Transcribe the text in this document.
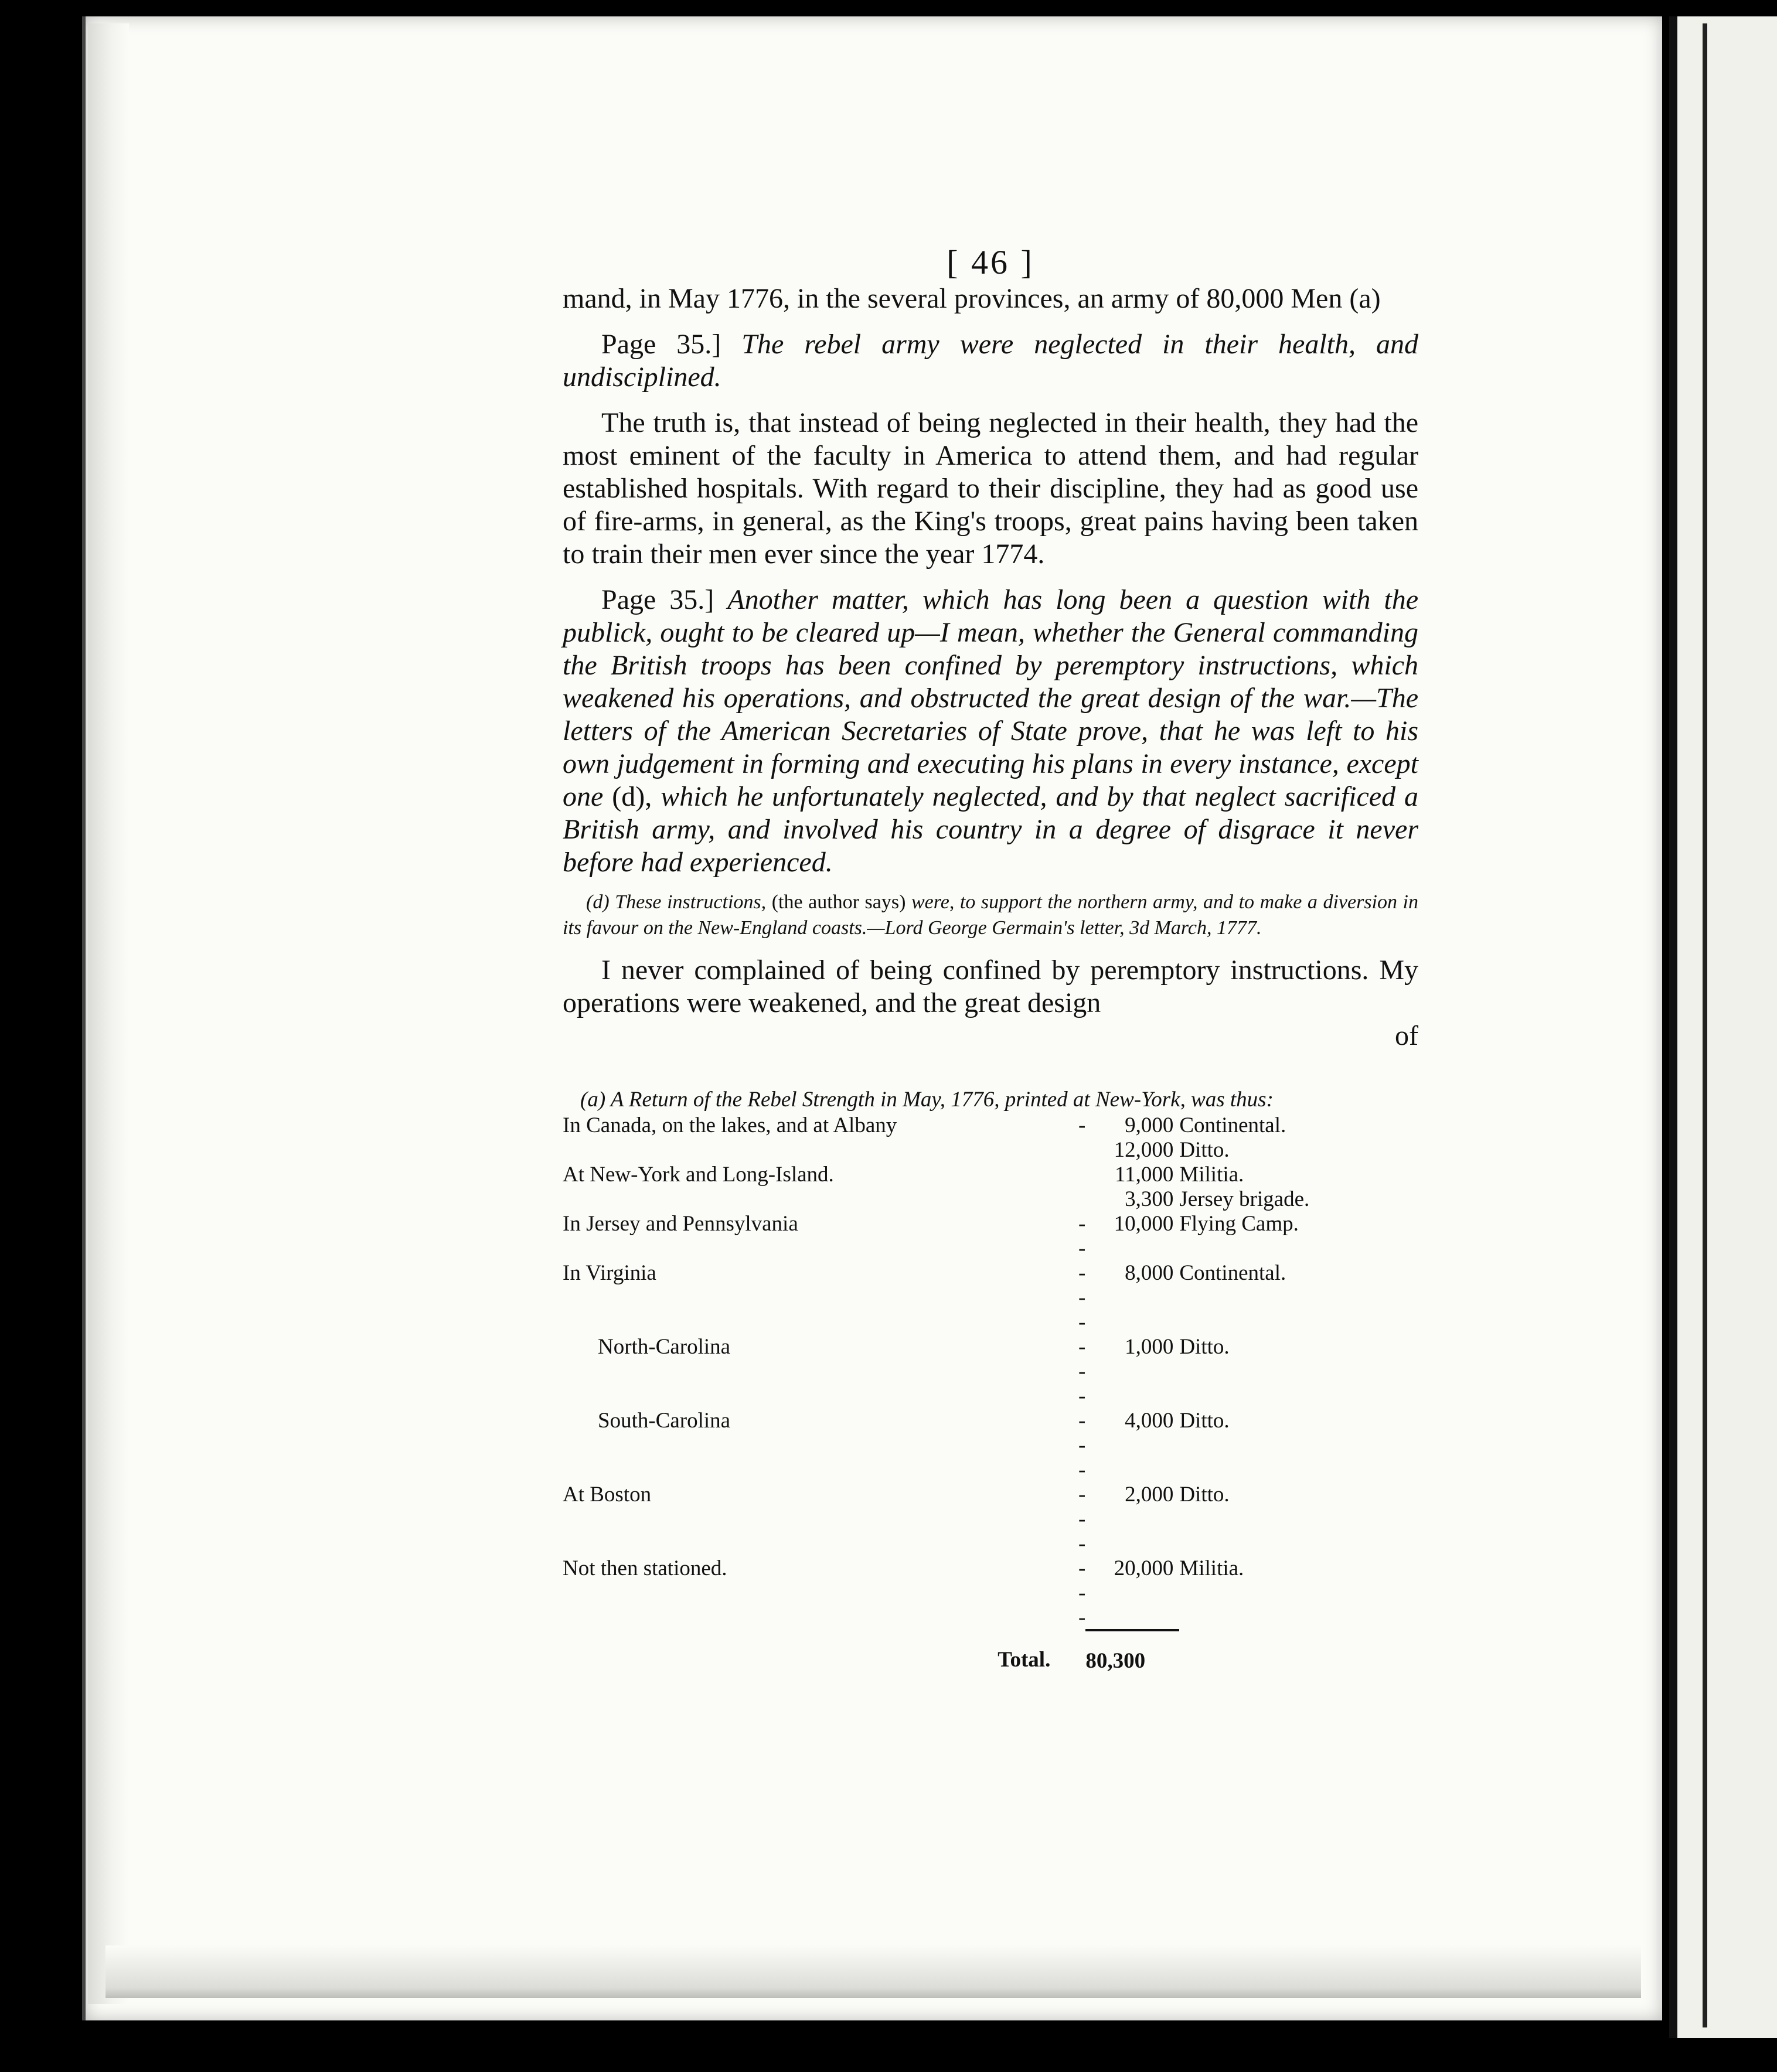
[ 46 ]

mand, in May 1776, in the several provinces, an army of 80,000 Men (a)

Page 35.] The rebel army were neglected in their health, and undisciplined.

The truth is, that instead of being neglected in their health, they had the most eminent of the faculty in America to attend them, and had regular established hospitals. With regard to their discipline, they had as good use of fire-arms, in general, as the King's troops, great pains having been taken to train their men ever since the year 1774.

Page 35.] Another matter, which has long been a question with the publick, ought to be cleared up—I mean, whether the General commanding the British troops has been confined by peremptory instructions, which weakened his operations, and obstructed the great design of the war.—The letters of the American Secretaries of State prove, that he was left to his own judgement in forming and executing his plans in every instance, except one (d), which he unfortunately neglected, and by that neglect sacrificed a British army, and involved his country in a degree of disgrace it never before had experienced.

(d) These instructions, (the author says) were, to support the northern army, and to make a diversion in its favour on the New-England coasts.—Lord George Germain's letter, 3d March, 1777.

I never complained of being confined by peremptory instructions. My operations were weakened, and the great design

of

(a) A Return of the Rebel Strength in May, 1776, printed at New-York, was thus:
In Canada, on the lakes, and at Albany	-	9,000	Continental.
		12,000	Ditto.
At New-York and Long-Island.		11,000	Militia.
		3,300	Jersey brigade.
In Jersey and Pennsylvania	- -	10,000	Flying Camp.
In Virginia	- - -	8,000	Continental.
North-Carolina	- - -	1,000	Ditto.
South-Carolina	- - -	4,000	Ditto.
At Boston	- - -	2,000	Ditto.
Not then stationed.	- - -	20,000	Militia.
Total.		80,300	
